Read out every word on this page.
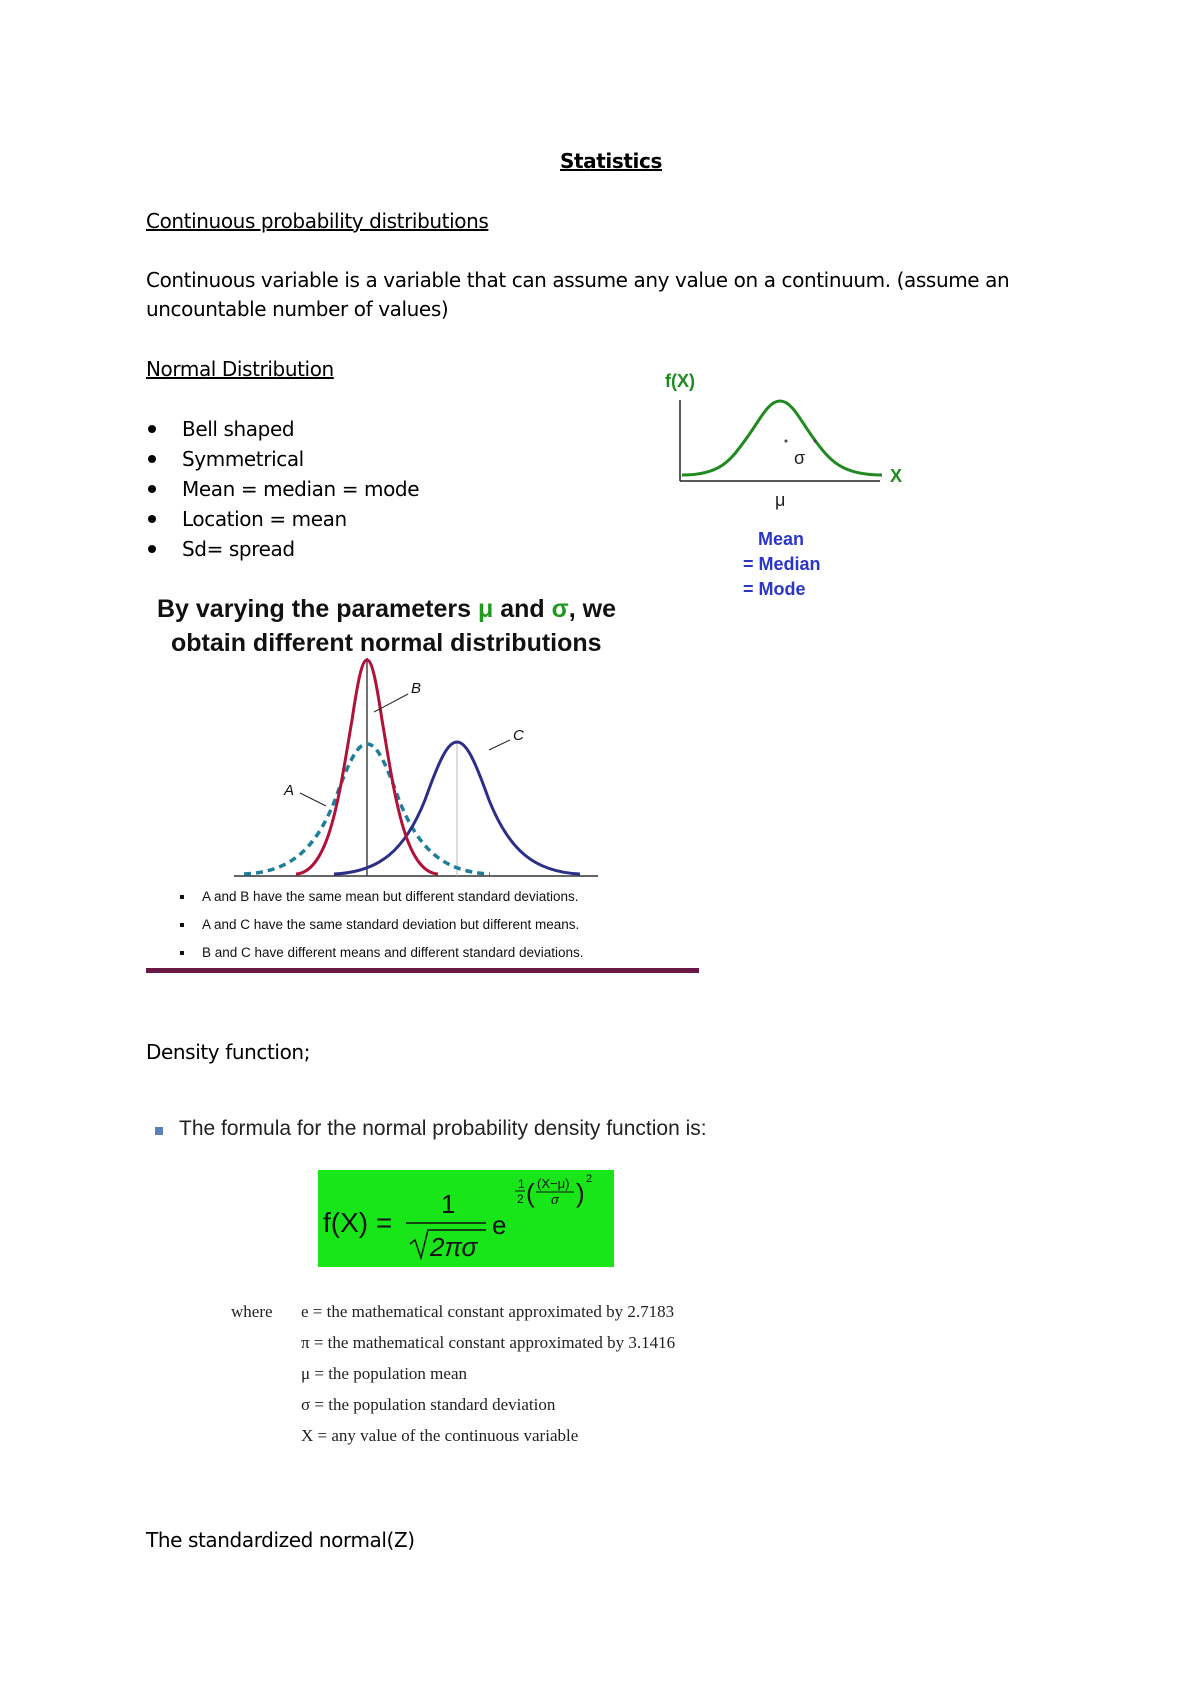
Statistics
Continuous probability distributions
Continuous variable is a variable that can assume any value on a continuum. (assume an
uncountable number of values)
Normal Distribution
Bell shaped
Symmetrical
Mean = median = mode
Location = mean
Sd= spread
f(X)
X
σ
μ
Mean
= Median
= Mode
By varying the parameters μ and σ, we
obtain different normal distributions
B
C
A
A and B have the same mean but different standard deviations.
A and C have the same standard deviation but different means.
B and C have different means and different standard deviations.
Density function;
The formula for the normal probability density function is:
f(X) =
1
2πσ
e
1
2 ( (X−μ)
σ ) 2
where e = the mathematical constant approximated by 2.7183
π = the mathematical constant approximated by 3.1416
μ = the population mean
σ = the population standard deviation
X = any value of the continuous variable
The standardized normal(Z)
